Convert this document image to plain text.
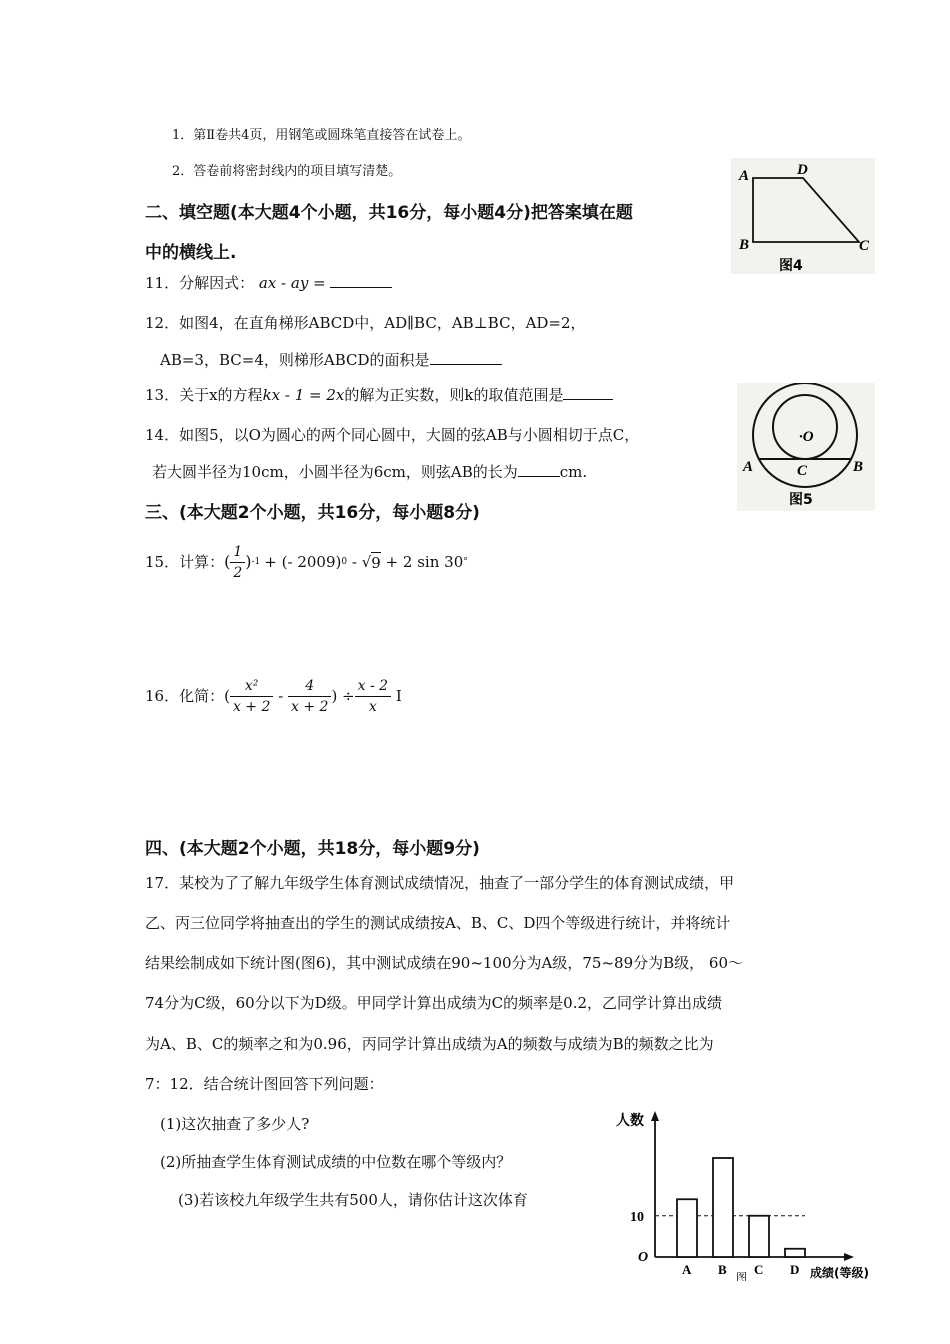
1．第Ⅱ卷共4页，用钢笔或圆珠笔直接答在试卷上。
2．答卷前将密封线内的项目填写清楚。
二、填空题(本大题4个小题，共16分，每小题4分)把答案填在题
中的横线上.
11．分解因式： ax - ay =
12．如图4，在直角梯形ABCD中，AD∥BC，AB⊥BC，AD=2，
AB=3，BC=4，则梯形ABCD的面积是
13．关于x的方程kx - 1 = 2x的解为正实数，则k的取值范围是
14．如图5，以O为圆心的两个同心圆中，大圆的弦AB与小圆相切于点C，
若大圆半径为10cm，小圆半径为6cm，则弦AB的长为	cm.
三、(本大题2个小题，共16分，每小题8分)
15．计算： ( $\frac{1}{2}$ ) -1 + (- 2009) 0 - √ 9 + 2 sin 30 °
16．化简：( $\frac{\text{x²}}{x + 2} - \frac{4}{x + 2}$ ) ÷ $\frac{x - 2}{x}$ I
四、(本大题2个小题，共18分，每小题9分)
17．某校为了了解九年级学生体育测试成绩情况，抽查了一部分学生的体育测试成绩，甲
乙、丙三位同学将抽查出的学生的测试成绩按A、B、C、D四个等级进行统计，并将统计
结果绘制成如下统计图(图6)，其中测试成绩在90~100分为A级，75~89分为B级， 60～
74分为C级，60分以下为D级。甲同学计算出成绩为C的频率是0.2，乙同学计算出成绩
为A、B、C的频率之和为0.96，丙同学计算出成绩为A的频数与成绩为B的频数之比为
7：12．结合统计图回答下列问题：
(1)这次抽查了多少人?
(2)所抽查学生体育测试成绩的中位数在哪个等级内？
(3)若该校九年级学生共有500人，请你估计这次体育
A	D
B	C
图4
·O
A	C	B
图5
人数
成绩(等级)
O
10
图
A B C D
